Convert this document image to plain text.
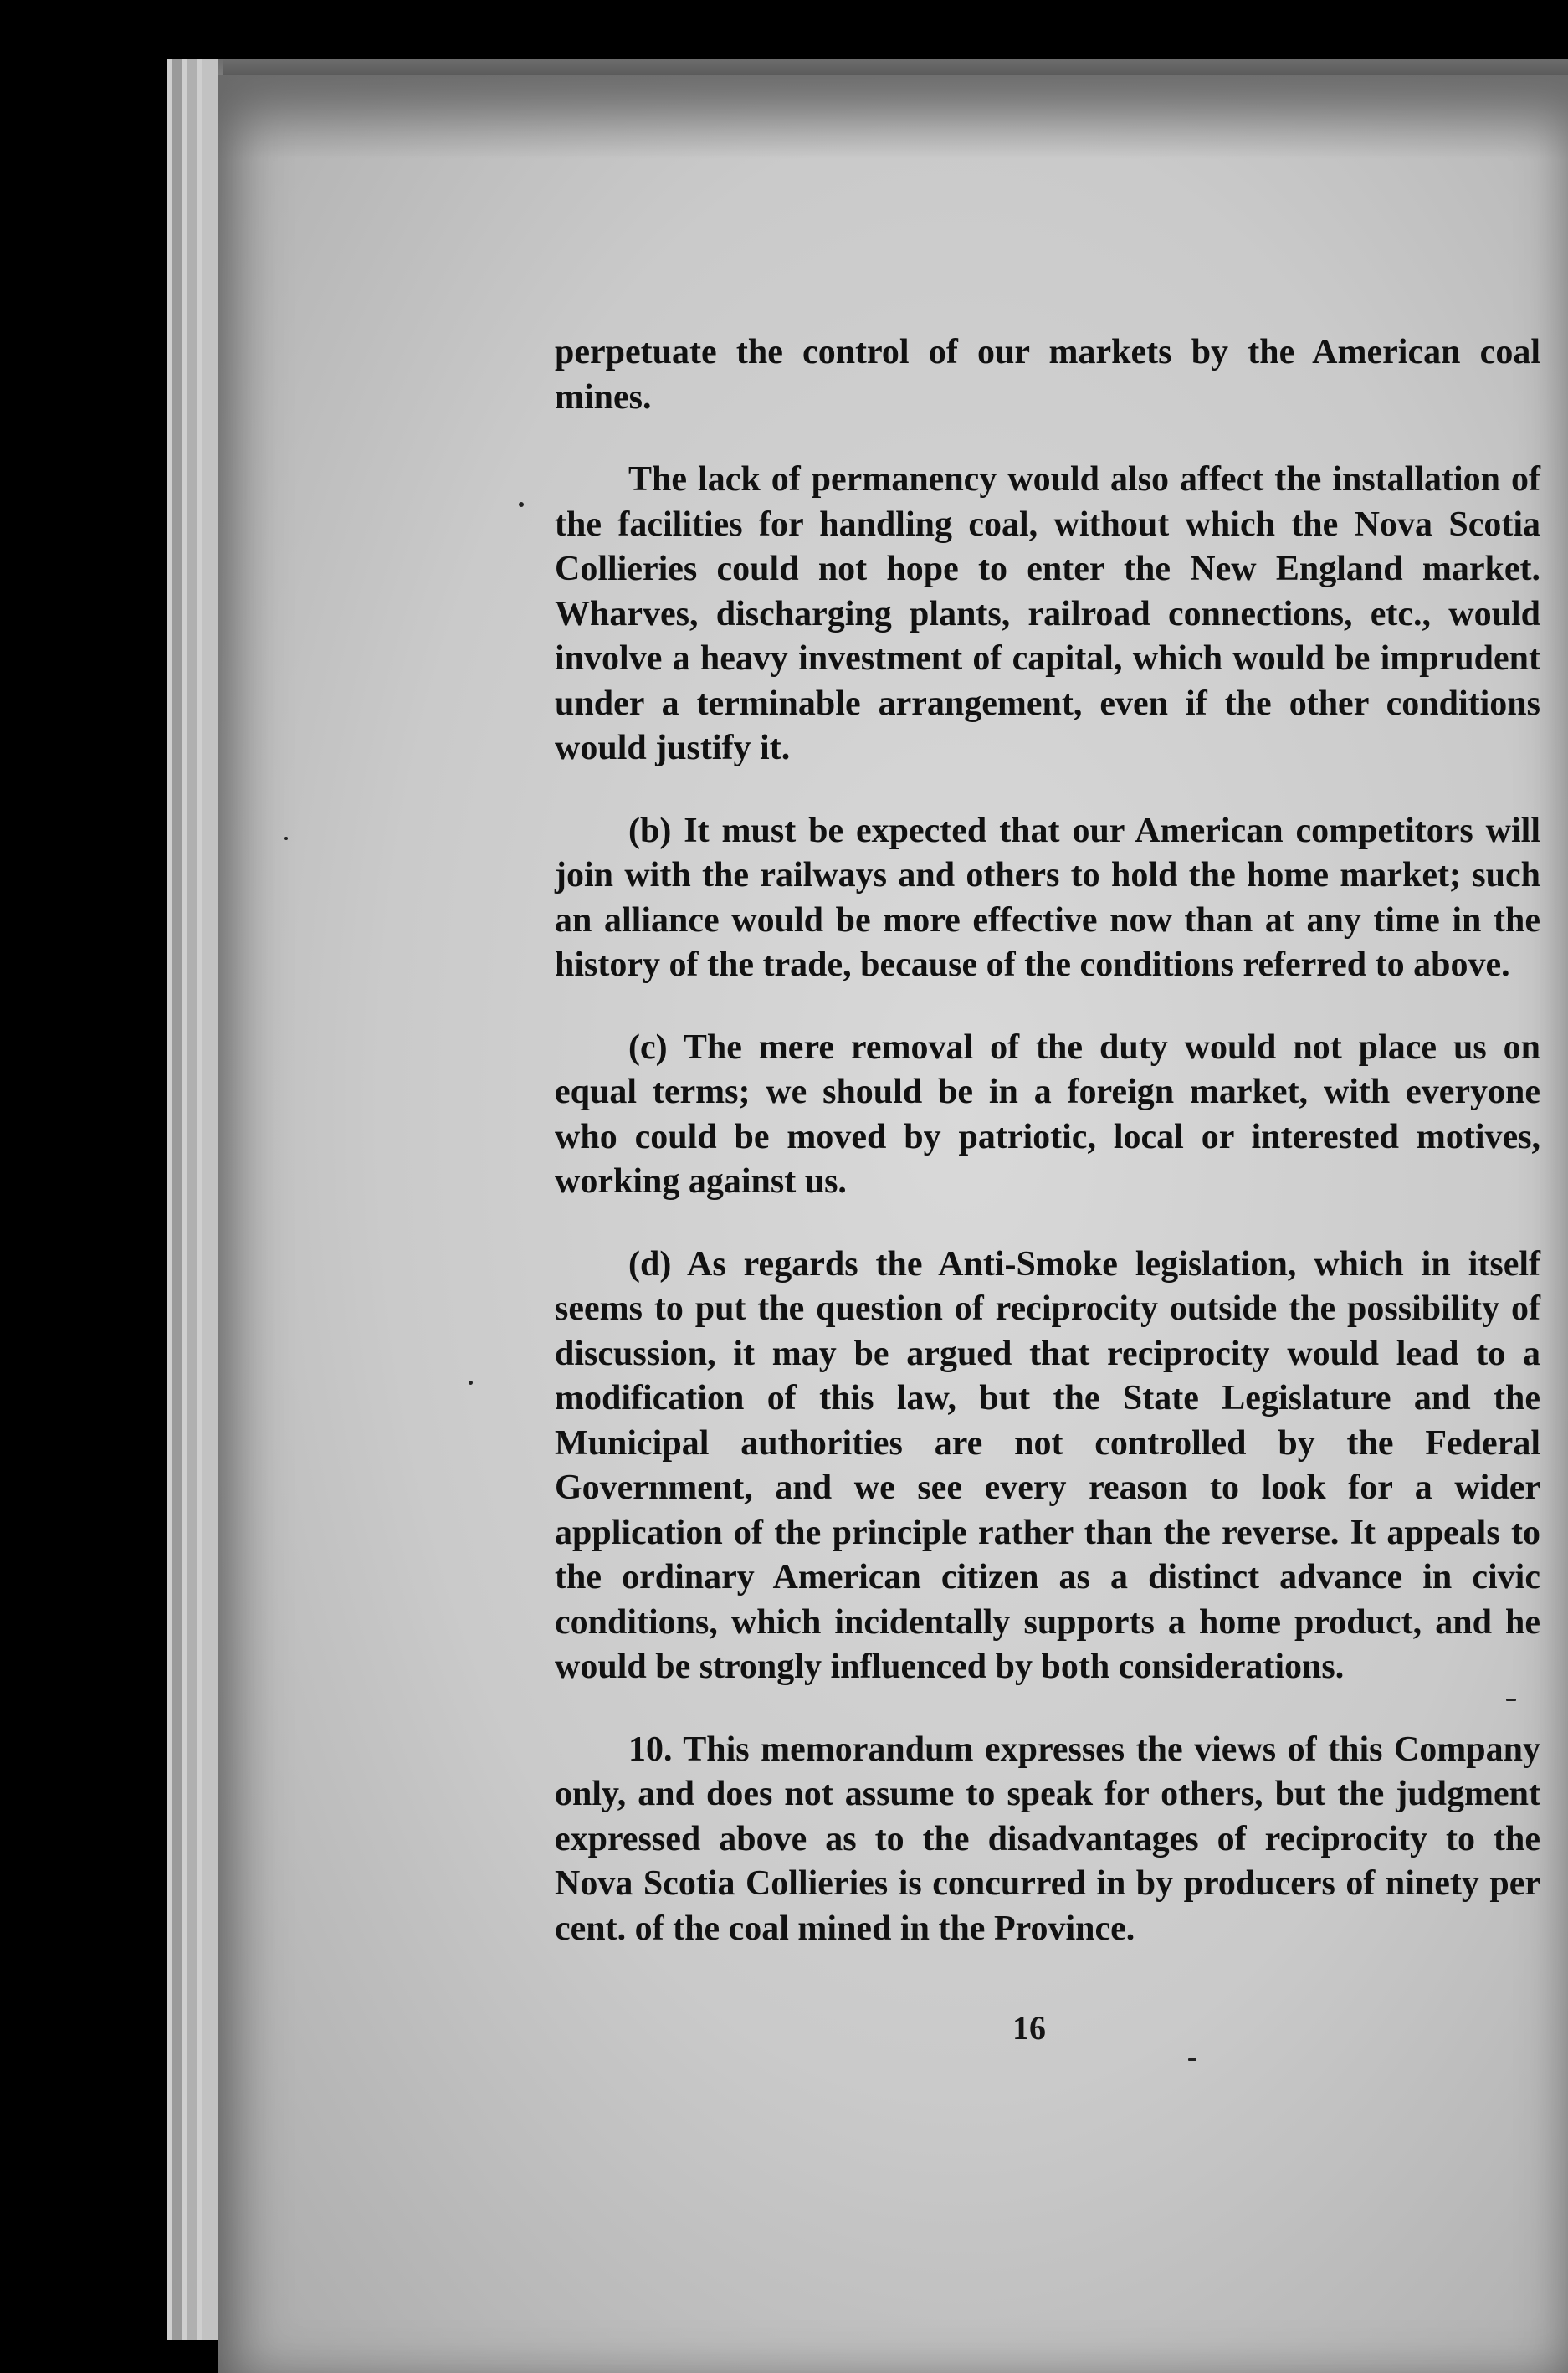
perpetuate the control of our markets by the American coal mines.

The lack of permanency would also affect the installation of the facilities for handling coal, without which the Nova Scotia Collieries could not hope to enter the New England market. Wharves, discharging plants, railroad connections, etc., would involve a heavy investment of capital, which would be imprudent under a terminable arrangement, even if the other conditions would justify it.

(b) It must be expected that our American competitors will join with the railways and others to hold the home market; such an alliance would be more effective now than at any time in the history of the trade, because of the conditions referred to above.

(c) The mere removal of the duty would not place us on equal terms; we should be in a foreign market, with everyone who could be moved by patriotic, local or interested motives, working against us.

(d) As regards the Anti-Smoke legislation, which in itself seems to put the question of reciprocity outside the possibility of discussion, it may be argued that reciprocity would lead to a modification of this law, but the State Legislature and the Municipal authorities are not controlled by the Federal Government, and we see every reason to look for a wider application of the principle rather than the reverse. It appeals to the ordinary American citizen as a distinct advance in civic conditions, which incidentally supports a home product, and he would be strongly influenced by both considerations.

10. This memorandum expresses the views of this Company only, and does not assume to speak for others, but the judgment expressed above as to the disadvantages of reciprocity to the Nova Scotia Collieries is concurred in by producers of ninety per cent. of the coal mined in the Province.

16
